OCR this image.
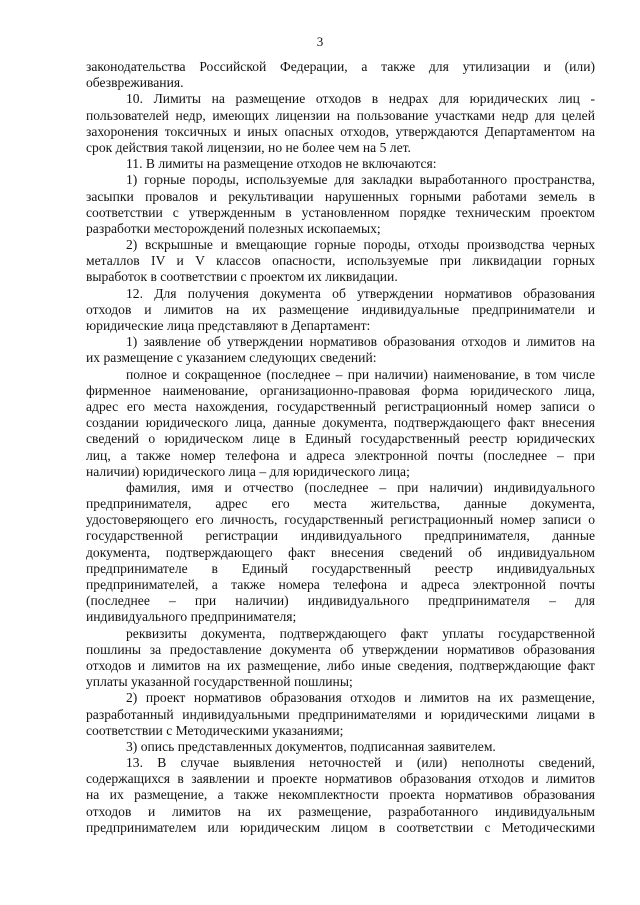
3
законодательства Российской Федерации, а также для утилизации и (или)
обезвреживания.
10. Лимиты на размещение отходов в недрах для юридических лиц -
пользователей недр, имеющих лицензии на пользование участками недр для целей
захоронения токсичных и иных опасных отходов, утверждаются Департаментом на
срок действия такой лицензии, но не более чем на 5 лет.
11. В лимиты на размещение отходов не включаются:
1) горные породы, используемые для закладки выработанного пространства,
засыпки провалов и рекультивации нарушенных горными работами земель в
соответствии с утвержденным в установленном порядке техническим проектом
разработки месторождений полезных ископаемых;
2) вскрышные и вмещающие горные породы, отходы производства черных
металлов IV и V классов опасности, используемые при ликвидации горных
выработок в соответствии с проектом их ликвидации.
12. Для получения документа об утверждении нормативов образования
отходов и лимитов на их размещение индивидуальные предприниматели и
юридические лица представляют в Департамент:
1) заявление об утверждении нормативов образования отходов и лимитов на
их размещение с указанием следующих сведений:
полное и сокращенное (последнее – при наличии) наименование, в том числе
фирменное наименование, организационно-правовая форма юридического лица,
адрес его места нахождения, государственный регистрационный номер записи о
создании юридического лица, данные документа, подтверждающего факт внесения
сведений о юридическом лице в Единый государственный реестр юридических
лиц, а также номер телефона и адреса электронной почты (последнее – при
наличии) юридического лица – для юридического лица;
фамилия, имя и отчество (последнее – при наличии) индивидуального
предпринимателя, адрес его места жительства, данные документа,
удостоверяющего его личность, государственный регистрационный номер записи о
государственной регистрации индивидуального предпринимателя, данные
документа, подтверждающего факт внесения сведений об индивидуальном
предпринимателе в Единый государственный реестр индивидуальных
предпринимателей, а также номера телефона и адреса электронной почты
(последнее – при наличии) индивидуального предпринимателя – для
индивидуального предпринимателя;
реквизиты документа, подтверждающего факт уплаты государственной
пошлины за предоставление документа об утверждении нормативов образования
отходов и лимитов на их размещение, либо иные сведения, подтверждающие факт
уплаты указанной государственной пошлины;
2) проект нормативов образования отходов и лимитов на их размещение,
разработанный индивидуальными предпринимателями и юридическими лицами в
соответствии с Методическими указаниями;
3) опись представленных документов, подписанная заявителем.
13. В случае выявления неточностей и (или) неполноты сведений,
содержащихся в заявлении и проекте нормативов образования отходов и лимитов
на их размещение, а также некомплектности проекта нормативов образования
отходов и лимитов на их размещение, разработанного индивидуальным
предпринимателем или юридическим лицом в соответствии с Методическими
